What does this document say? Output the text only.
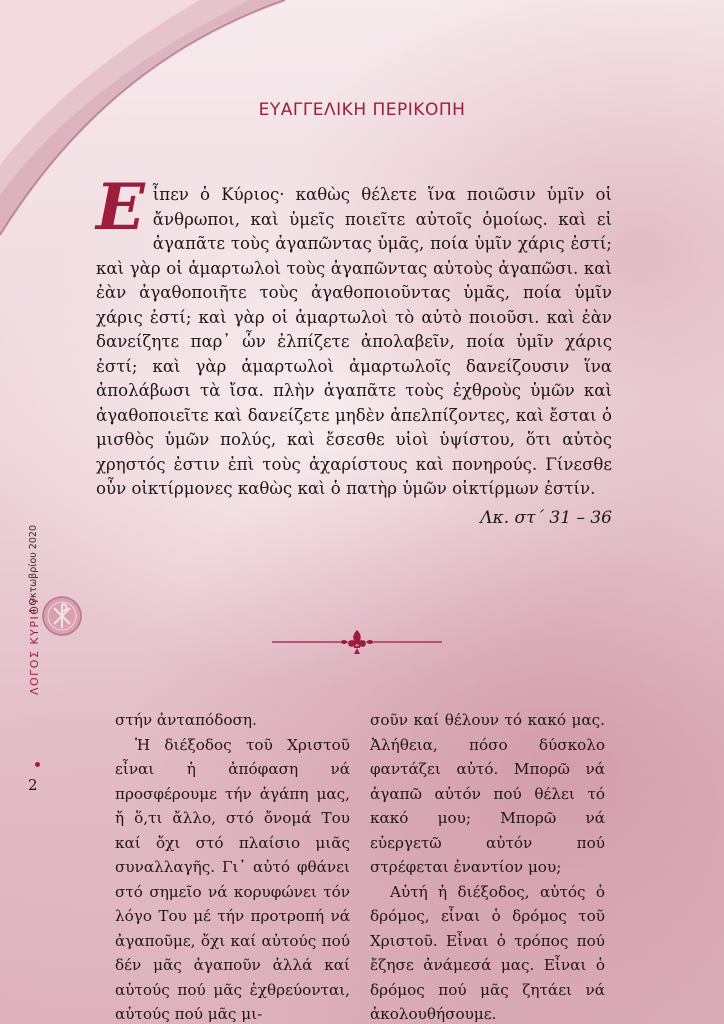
ΕΥΑΓΓΕΛΙΚΗ ΠΕΡΙΚΟΠΗ
Ε ἶπεν ὁ Κύριος· καθὼς θέλετε ἵνα ποιῶσιν ὑμῖν οἱ ἄνθρωποι, καὶ ὑμεῖς ποιεῖτε αὐτοῖς ὁμοίως. καὶ εἰ ἀγαπᾶτε τοὺς ἀγαπῶντας ὑμᾶς, ποία ὑμῖν χάρις ἐστί; καὶ γὰρ οἱ ἁμαρτωλοὶ τοὺς ἀγαπῶντας αὐτοὺς ἀγαπῶσι. καὶ ἐὰν ἀγαθοποιῆτε τοὺς ἀγαθοποιοῦντας ὑμᾶς, ποία ὑμῖν χάρις ἐστί; καὶ γὰρ οἱ ἁμαρτωλοὶ τὸ αὐτὸ ποιοῦσι. καὶ ἐὰν δανείζητε παρ᾽ ὧν ἐλπίζετε ἀπολαβεῖν, ποία ὑμῖν χάρις ἐστί; καὶ γὰρ ἁμαρτωλοὶ ἁμαρτωλοῖς δανείζουσιν ἵνα ἀπολάβωσι τὰ ἴσα. πλὴν ἀγαπᾶτε τοὺς ἐχθροὺς ὑμῶν καὶ ἀγαθοποιεῖτε καὶ δανείζετε μηδὲν ἀπελπίζοντες, καὶ ἔσται ὁ μισθὸς ὑμῶν πολύς, καὶ ἔσεσθε υἱοὶ ὑψίστου, ὅτι αὐτὸς χρηστός ἐστιν ἐπὶ τοὺς ἀχαρίστους καὶ πονηρούς. Γίνεσθε οὖν οἰκτίρμονες καθὼς καὶ ὁ πατὴρ ὑμῶν οἰκτίρμων ἐστίν.
Λκ. στ΄ 31 – 36
4 Οκτωβρίου 2020
ΛΟΓΟΣ ΚΥΡΙΟΥ
2

στήν ἀνταπόδοση.

Ἡ διέξοδος τοῦ Χριστοῦ εἶναι ἡ ἀπόφαση νά προσφέρουμε τήν ἀγάπη μας, ἤ ὅ,τι ἄλλο, στό ὄνομά Του καί ὄχι στό πλαίσιο μιᾶς συναλλαγῆς. Γι᾽ αὐτό φθάνει στό σημεῖο νά κορυφώνει τόν λόγο Του μέ τήν προτροπή νά ἀγαποῦμε, ὄχι καί αὐτούς πού δέν μᾶς ἀγαποῦν ἀλλά καί αὐτούς πού μᾶς ἐχθρεύονται, αὐτούς πού μᾶς μι-

σοῦν καί θέλουν τό κακό μας. Ἀλήθεια, πόσο δύσκολο φαντάζει αὐτό. Μπορῶ νά ἀγαπῶ αὐτόν πού θέλει τό κακό μου; Μπορῶ νά εὐεργετῶ αὐτόν πού στρέφεται ἐναντίον μου;

Αὐτή ἡ διέξοδος, αὐτός ὁ δρόμος, εἶναι ὁ δρόμος τοῦ Χριστοῦ. Εἶναι ὁ τρόπος πού ἔζησε ἀνάμεσά μας. Εἶναι ὁ δρόμος πού μᾶς ζητάει νά ἀκολουθήσουμε.
